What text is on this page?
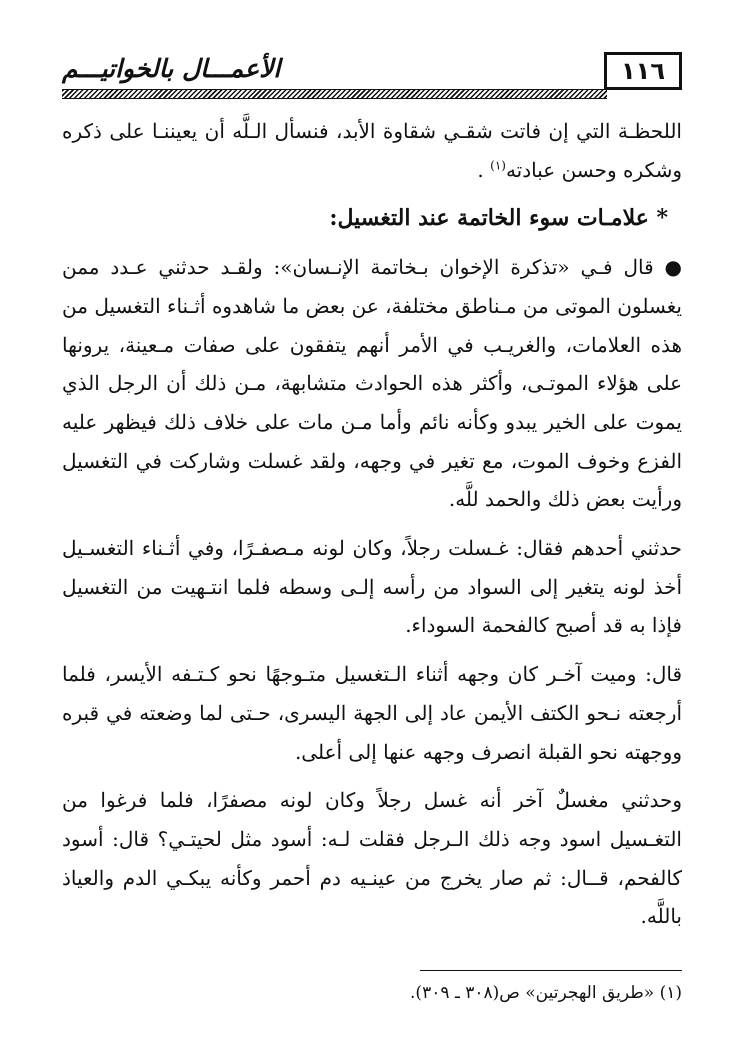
الأعمـــال بالخواتيـــم	١١٦

اللحظـة التي إن فاتت شقـي شقاوة الأبد، فنسأل الـلَّه أن يعيننـا على ذكره وشكره وحسن عبادته$^{(١)}$ .

* علامـات سوء الخاتمة عند التغسيل:

● قال فـي «تذكرة الإخوان بـخاتمة الإنـسان»: ولقـد حدثني عـدد ممن يغسلون الموتى من مـناطق مختلفة، عن بعض ما شاهدوه أثـناء التغسيل من هذه العلامات، والغريـب في الأمر أنهم يتفقون على صفات مـعينة، يرونها على هؤلاء الموتـى، وأكثر هذه الحوادث متشابهة، مـن ذلك أن الرجل الذي يموت على الخير يبدو وكأنه نائم وأما مـن مات على خلاف ذلك فيظهر عليه الفزع وخوف الموت، مع تغير في وجهه، ولقد غسلت وشاركت في التغسيل ورأيت بعض ذلك والحمد للَّه.

حدثني أحدهم فقال: غـسلت رجلاً، وكان لونه مـصفـرًا، وفي أثـناء التغسـيل أخذ لونه يتغير إلى السواد من رأسه إلـى وسطه فلما انتـهيت من التغسيل فإذا به قد أصبح كالفحمة السوداء.

قال: وميت آخـر كان وجهه أثناء الـتغسيل متـوجهًا نحو كـتـفه الأيسر، فلما أرجعته نـحو الكتف الأيمن عاد إلى الجهة اليسرى، حـتى لما وضعته في قبره ووجهته نحو القبلة انصرف وجهه عنها إلى أعلى.

وحدثني مغسلٌ آخر أنه غسل رجلاً وكان لونه مصفرًا، فلما فرغوا من التغـسيل اسود وجه ذلك الـرجل فقلت لـه: أسود مثل لحيتـي؟ قال: أسود كالفحم، قــال: ثم صار يخرج من عينـيه دم أحمر وكأنه يبكـي الدم والعياذ باللَّه.

(١) «طريق الهجرتين» ص(٣٠٨ ـ ٣٠٩).
